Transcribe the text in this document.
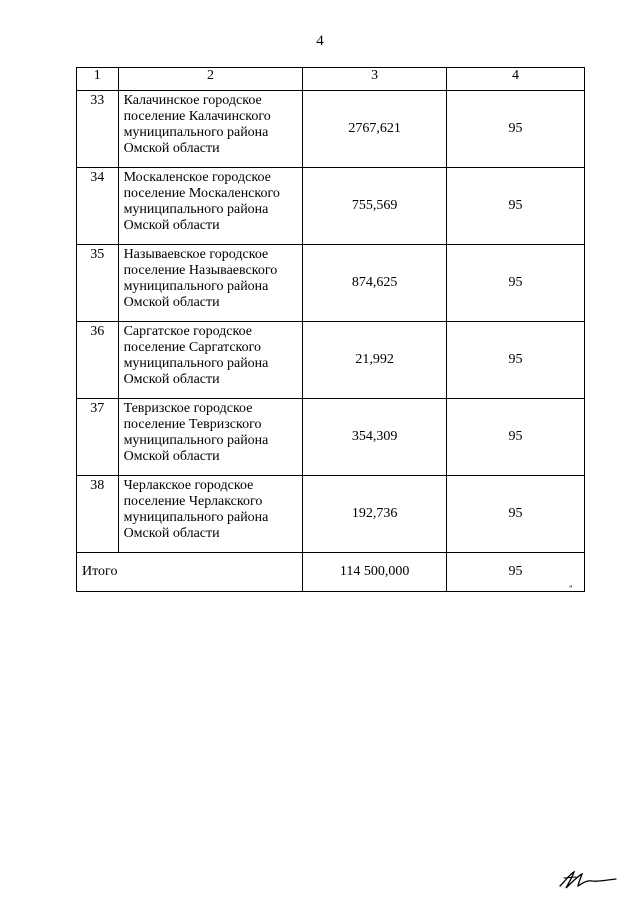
4
1	2	3	4
33	Калачинское городское поселение Калачинского муниципального района Омской области	2767,621	95
34	Москаленское городское поселение Москаленского муниципального района Омской области	755,569	95
35	Называевское городское поселение Называевского муниципального района Омской области	874,625	95
36	Саргатское городское поселение Саргатского муниципального района Омской области	21,992	95
37	Тевризское городское поселение Тевризского муниципального района Омской области	354,309	95
38	Черлакское городское поселение Черлакского муниципального района Омской области	192,736	95
Итого		114 500,000	95
"
